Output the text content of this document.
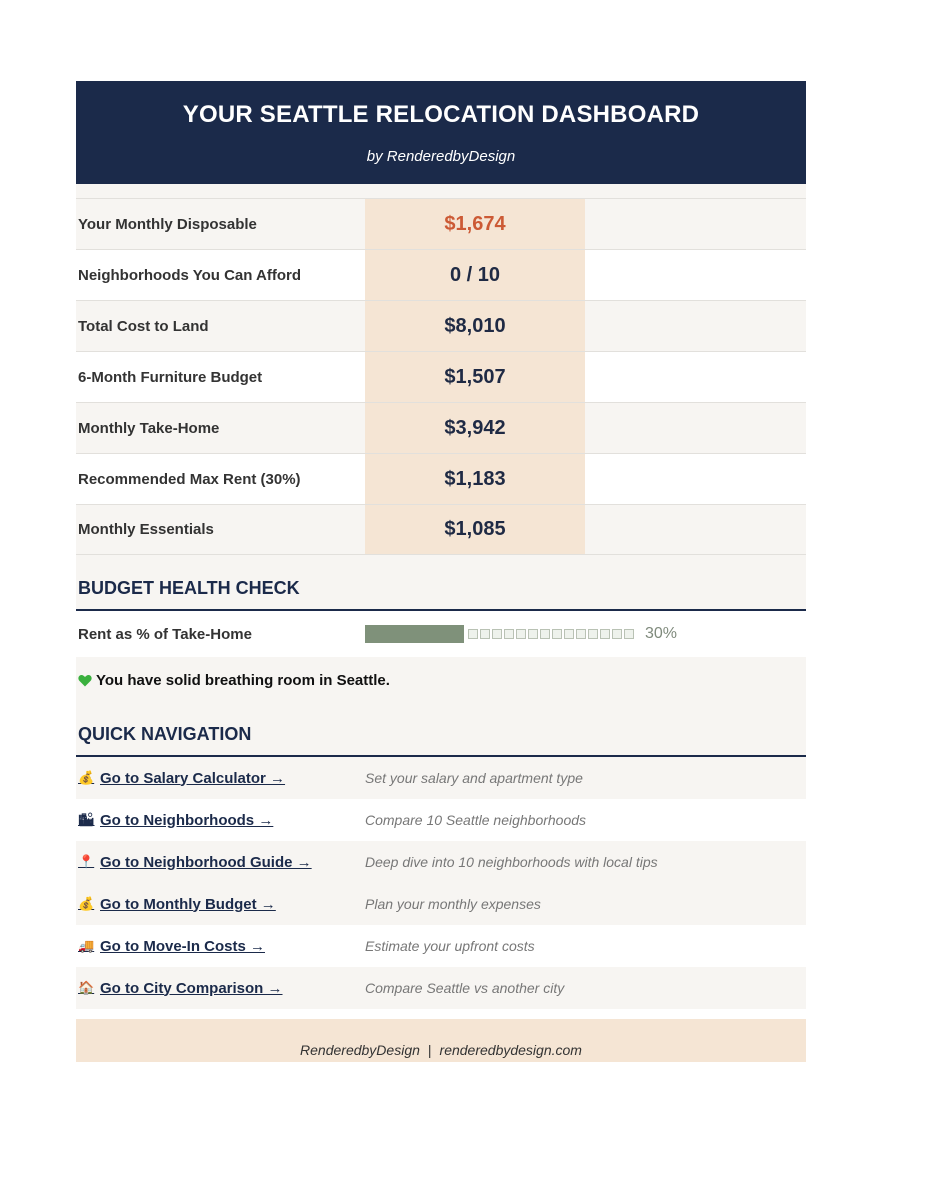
YOUR SEATTLE RELOCATION DASHBOARD
by RenderedbyDesign
Your Monthly Disposable	$1,674
Neighborhoods You Can Afford	0 / 10
Total Cost to Land	$8,010
6-Month Furniture Budget	$1,507
Monthly Take-Home	$3,942
Recommended Max Rent (30%)	$1,183
Monthly Essentials	$1,085
BUDGET HEALTH CHECK
Rent as % of Take-Home	30%
You have solid breathing room in Seattle.
QUICK NAVIGATION
💰 Go to Salary Calculator →	Set your salary and apartment type
🏙 Go to Neighborhoods →	Compare 10 Seattle neighborhoods
📍 Go to Neighborhood Guide →	Deep dive into 10 neighborhoods with local tips
💰 Go to Monthly Budget →	Plan your monthly expenses
🚚 Go to Move-In Costs →	Estimate your upfront costs
🏠 Go to City Comparison →	Compare Seattle vs another city
RenderedbyDesign | renderedbydesign.com
